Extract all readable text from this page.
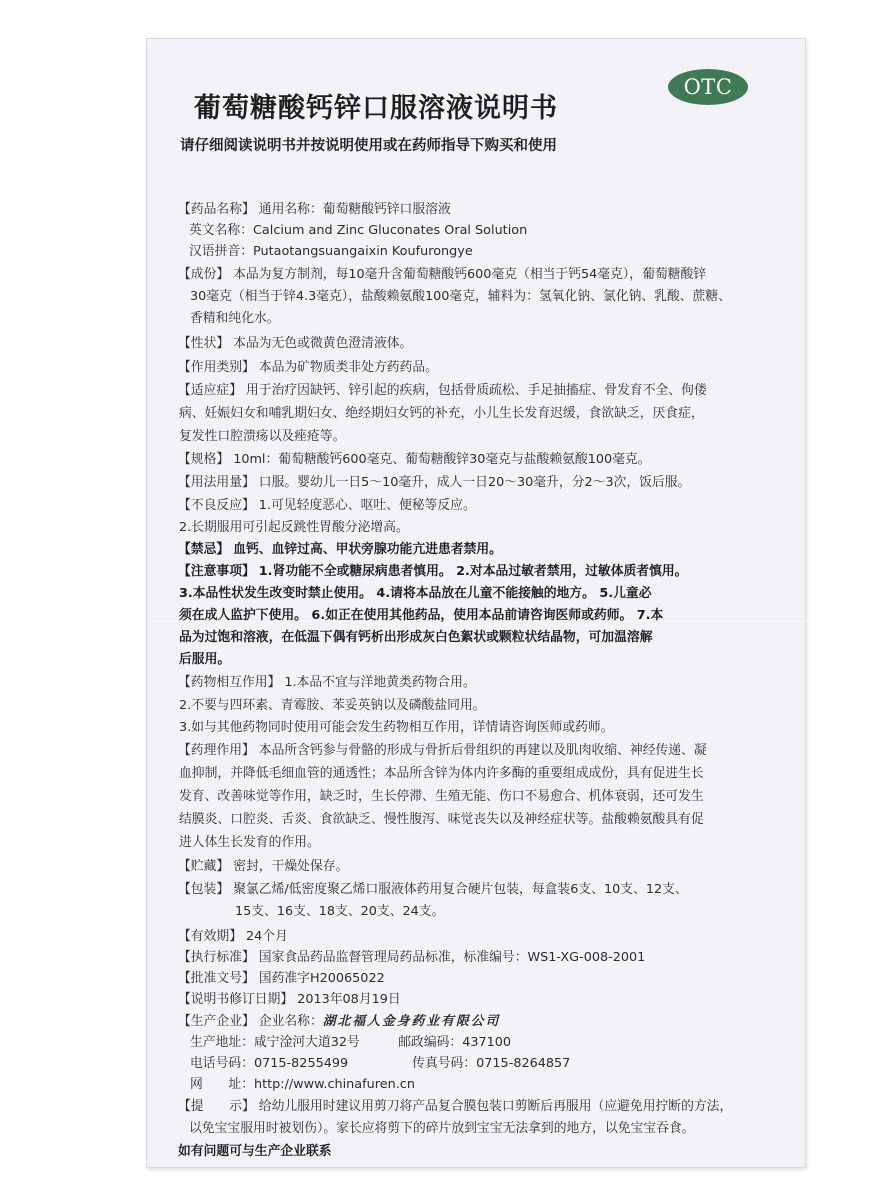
OTC
葡萄糖酸钙锌口服溶液说明书
请仔细阅读说明书并按说明使用或在药师指导下购买和使用
【药品名称】 通用名称：葡萄糖酸钙锌口服溶液
英文名称：Calcium and Zinc Gluconates Oral Solution
汉语拼音：Putaotangsuangaixin Koufurongye
【成份】 本品为复方制剂，每10毫升含葡萄糖酸钙600毫克（相当于钙54毫克），葡萄糖酸锌
30毫克（相当于锌4.3毫克），盐酸赖氨酸100毫克，辅料为：氢氧化钠、氯化钠、乳酸、蔗糖、
香精和纯化水。
【性状】 本品为无色或微黄色澄清液体。
【作用类别】 本品为矿物质类非处方药药品。
【适应症】 用于治疗因缺钙、锌引起的疾病，包括骨质疏松、手足抽搐症、骨发育不全、佝偻
病、妊娠妇女和哺乳期妇女、绝经期妇女钙的补充，小儿生长发育迟缓，食欲缺乏，厌食症，
复发性口腔溃疡以及痤疮等。
【规格】 10ml：葡萄糖酸钙600毫克、葡萄糖酸锌30毫克与盐酸赖氨酸100毫克。
【用法用量】 口服。婴幼儿一日5～10毫升，成人一日20～30毫升，分2～3次，饭后服。
【不良反应】 1.可见轻度恶心、呕吐、便秘等反应。
2.长期服用可引起反跳性胃酸分泌增高。
【禁忌】 血钙、血锌过高、甲状旁腺功能亢进患者禁用。
【注意事项】 1.肾功能不全或糖尿病患者慎用。 2.对本品过敏者禁用，过敏体质者慎用。
3.本品性状发生改变时禁止使用。 4.请将本品放在儿童不能接触的地方。 5.儿童必
须在成人监护下使用。 6.如正在使用其他药品，使用本品前请咨询医师或药师。 7.本
品为过饱和溶液，在低温下偶有钙析出形成灰白色絮状或颗粒状结晶物，可加温溶解
后服用。
【药物相互作用】 1.本品不宜与洋地黄类药物合用。
2.不要与四环素、青霉胺、苯妥英钠以及磷酸盐同用。
3.如与其他药物同时使用可能会发生药物相互作用，详情请咨询医师或药师。
【药理作用】 本品所含钙参与骨骼的形成与骨折后骨组织的再建以及肌肉收缩、神经传递、凝
血抑制，并降低毛细血管的通透性；本品所含锌为体内许多酶的重要组成成份，具有促进生长
发育、改善味觉等作用，缺乏时，生长停滞、生殖无能、伤口不易愈合、机体衰弱，还可发生
结膜炎、口腔炎、舌炎、食欲缺乏、慢性腹泻、味觉丧失以及神经症状等。盐酸赖氨酸具有促
进人体生长发育的作用。
【贮藏】 密封，干燥处保存。
【包装】 聚氯乙烯/低密度聚乙烯口服液体药用复合硬片包装，每盒装6支、10支、12支、
15支、16支、18支、20支、24支。
【有效期】 24个月
【执行标准】 国家食品药品监督管理局药品标准，标准编号：WS1-XG-008-2001
【批准文号】 国药准字H20065022
【说明书修订日期】 2013年08月19日
【生产企业】 企业名称：湖北福人金身药业有限公司
生产地址：咸宁淦河大道32号　　　邮政编码：437100
电话号码：0715-8255499　　　　　传真号码：0715-8264857
网　　址：http://www.chinafuren.cn
【提　　示】 给幼儿服用时建议用剪刀将产品复合膜包装口剪断后再服用（应避免用拧断的方法，
以免宝宝服用时被划伤）。家长应将剪下的碎片放到宝宝无法拿到的地方，以免宝宝吞食。
如有问题可与生产企业联系
